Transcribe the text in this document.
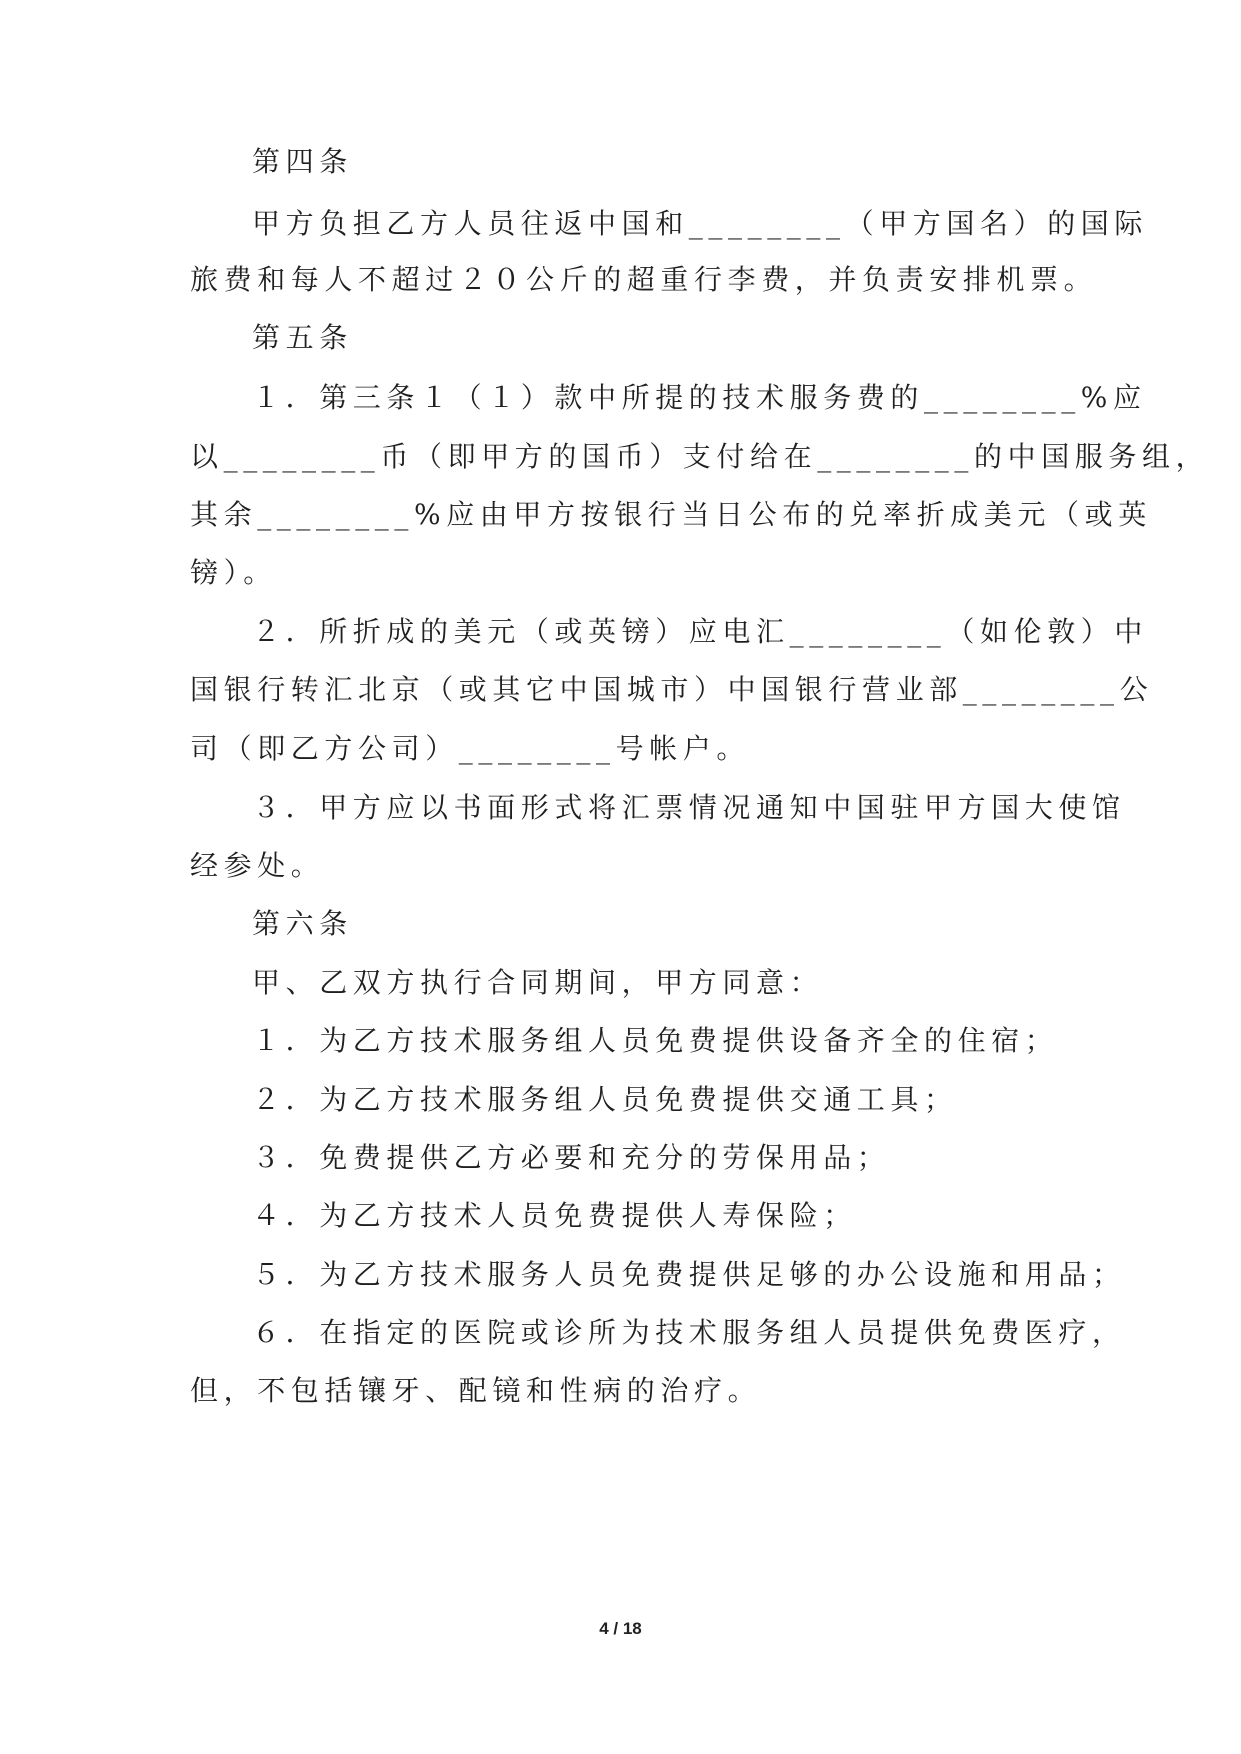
第四条
甲方负担乙方人员往返中国和________（甲方国名）的国际
旅费和每人不超过２０公斤的超重行李费，并负责安排机票。
第五条
１．第三条１（１）款中所提的技术服务费的________%应
以________币（即甲方的国币）支付给在________的中国服务组，
其余________%应由甲方按银行当日公布的兑率折成美元（或英
镑）。
２．所折成的美元（或英镑）应电汇________（如伦敦）中
国银行转汇北京（或其它中国城市）中国银行营业部________公
司（即乙方公司）________号帐户。
３．甲方应以书面形式将汇票情况通知中国驻甲方国大使馆
经参处。
第六条
甲、乙双方执行合同期间，甲方同意：
１．为乙方技术服务组人员免费提供设备齐全的住宿；
２．为乙方技术服务组人员免费提供交通工具；
３．免费提供乙方必要和充分的劳保用品；
４．为乙方技术人员免费提供人寿保险；
５．为乙方技术服务人员免费提供足够的办公设施和用品；
６．在指定的医院或诊所为技术服务组人员提供免费医疗，
但，不包括镶牙、配镜和性病的治疗。
4 / 18
